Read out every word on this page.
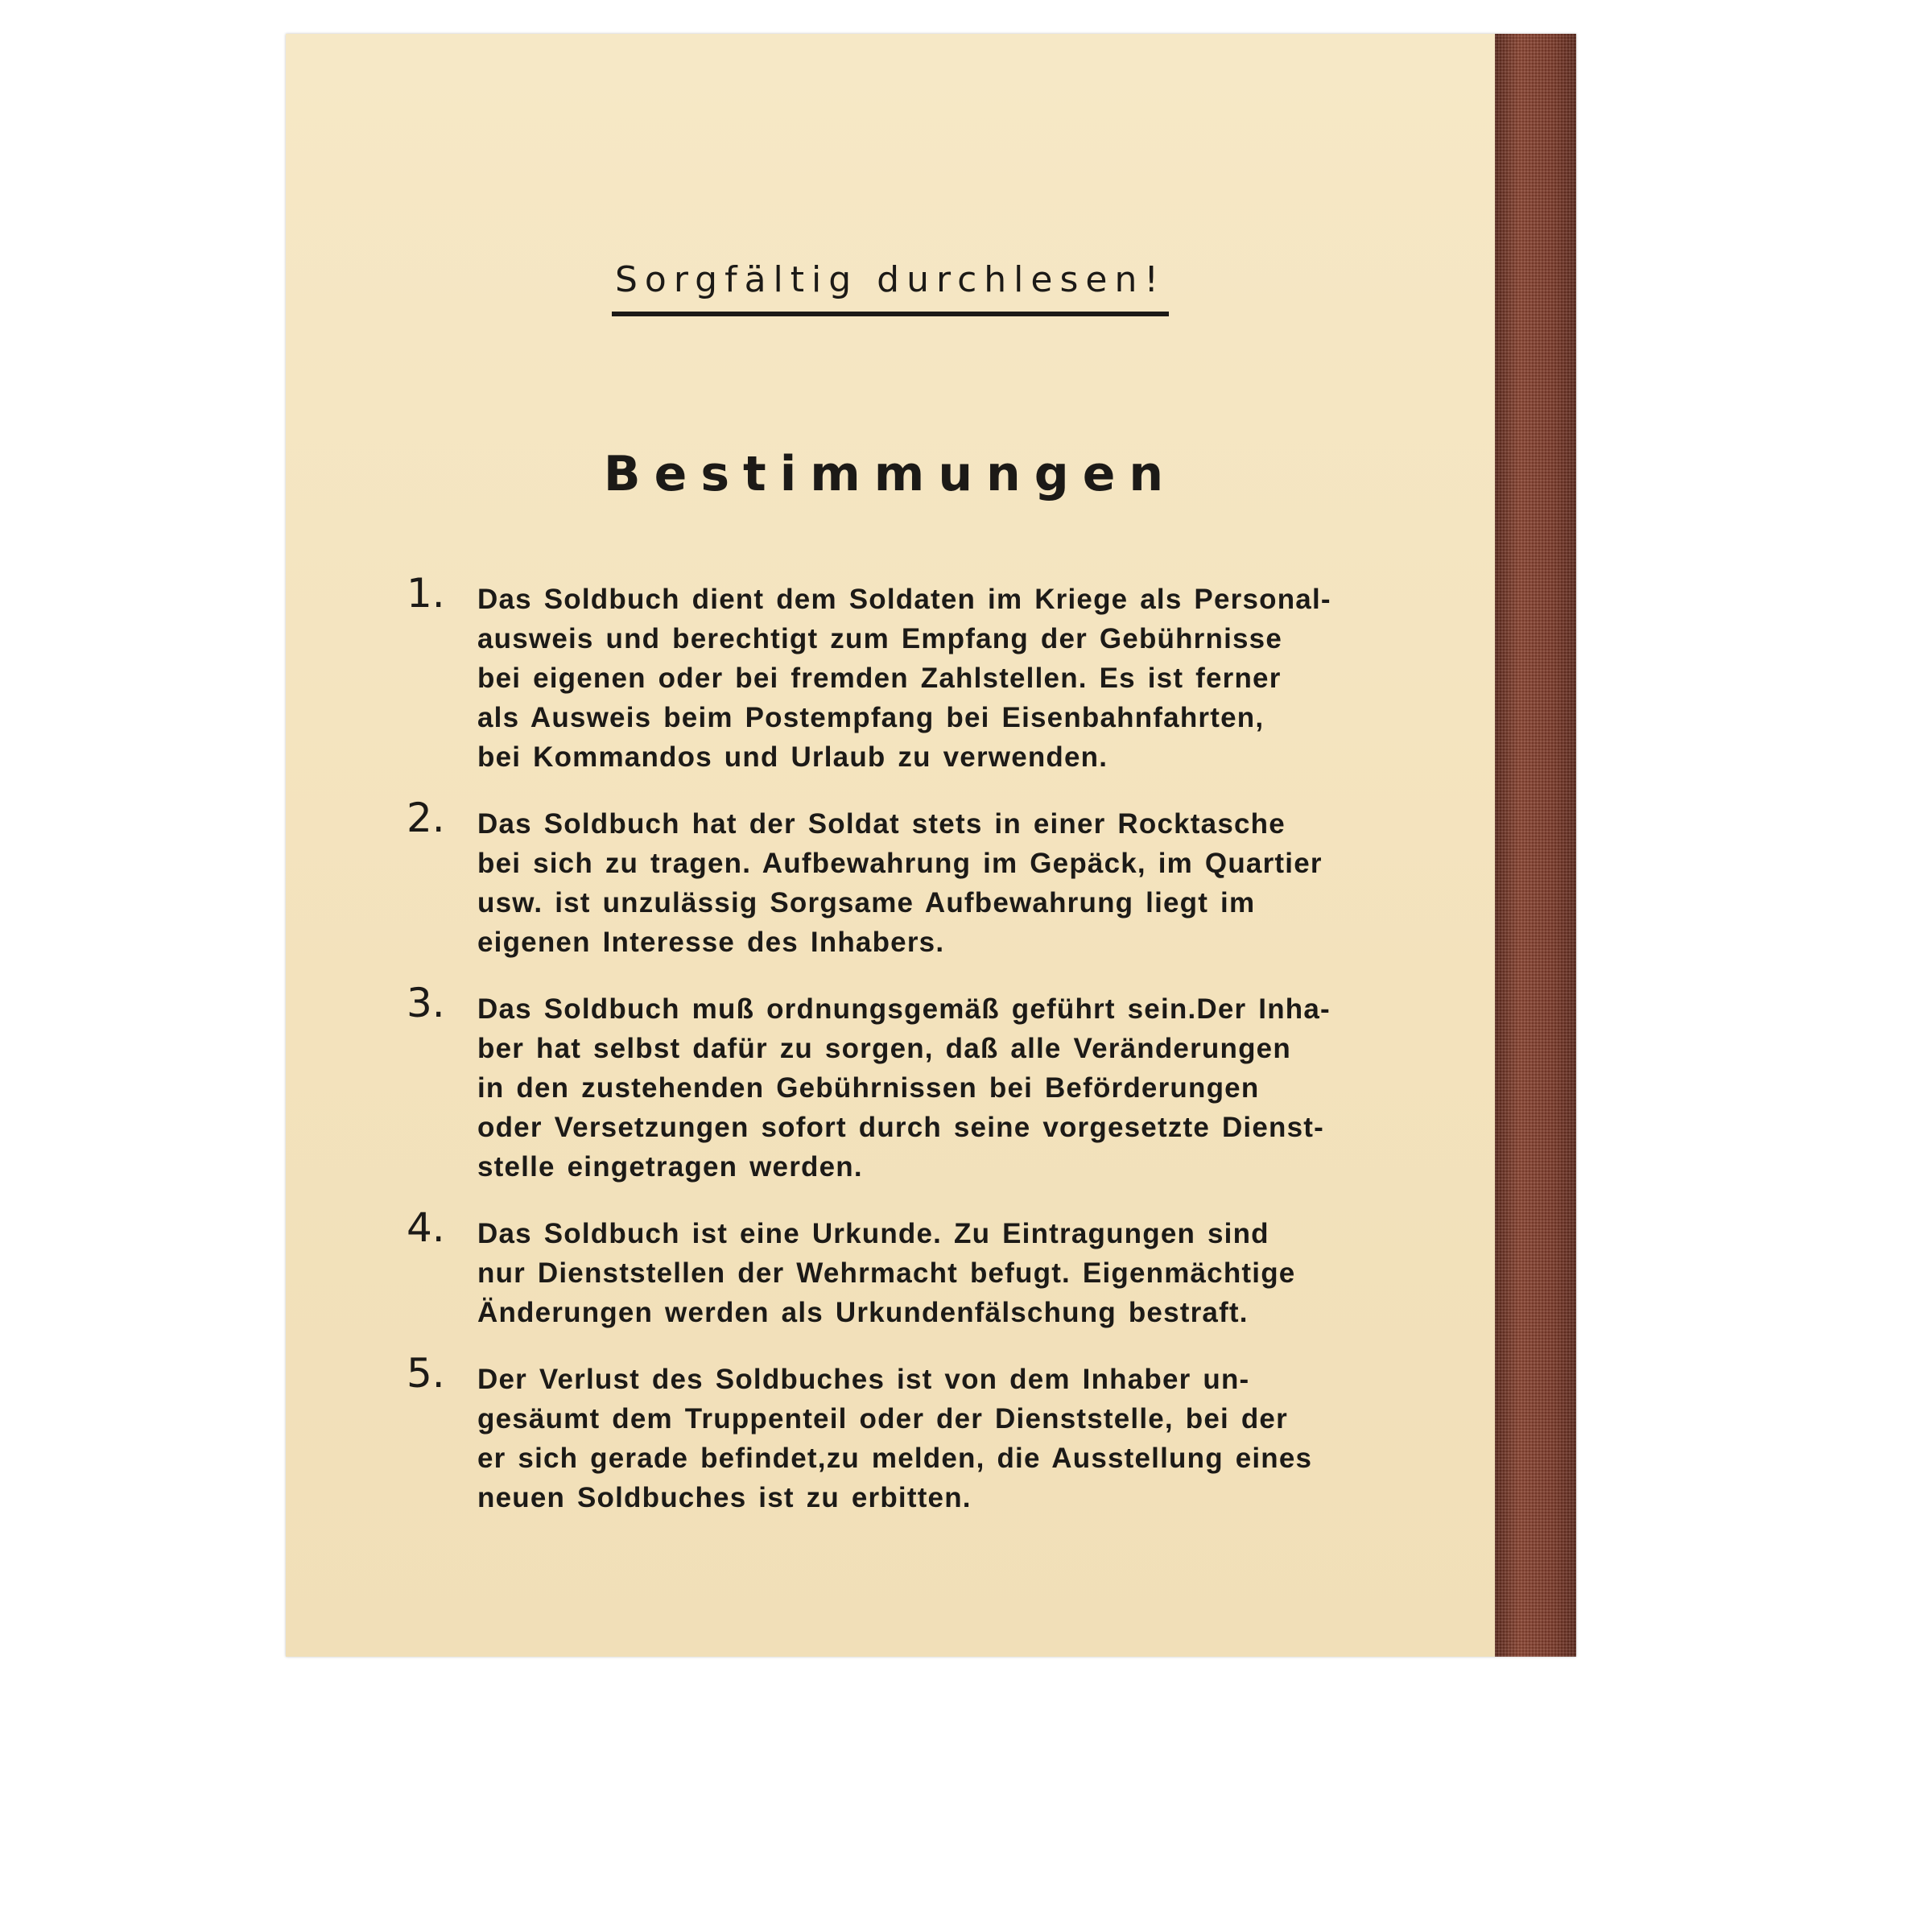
Sorgfältig durchlesen!
Bestimmungen
1. Das Soldbuch dient dem Soldaten im Kriege als Personal-
ausweis und berechtigt zum Empfang der Gebührnisse
bei eigenen oder bei fremden Zahlstellen. Es ist ferner
als Ausweis beim Postempfang bei Eisenbahnfahrten,
bei Kommandos und Urlaub zu verwenden.
2. Das Soldbuch hat der Soldat stets in einer Rocktasche
bei sich zu tragen. Aufbewahrung im Gepäck, im Quartier
usw. ist unzulässig Sorgsame Aufbewahrung liegt im
eigenen Interesse des Inhabers.
3. Das Soldbuch muß ordnungsgemäß geführt sein.Der Inha-
ber hat selbst dafür zu sorgen, daß alle Veränderungen
in den zustehenden Gebührnissen bei Beförderungen
oder Versetzungen sofort durch seine vorgesetzte Dienst-
stelle eingetragen werden.
4. Das Soldbuch ist eine Urkunde. Zu Eintragungen sind
nur Dienststellen der Wehrmacht befugt. Eigenmächtige
Änderungen werden als Urkundenfälschung bestraft.
5. Der Verlust des Soldbuches ist von dem Inhaber un-
gesäumt dem Truppenteil oder der Dienststelle, bei der
er sich gerade befindet,zu melden, die Ausstellung eines
neuen Soldbuches ist zu erbitten.
